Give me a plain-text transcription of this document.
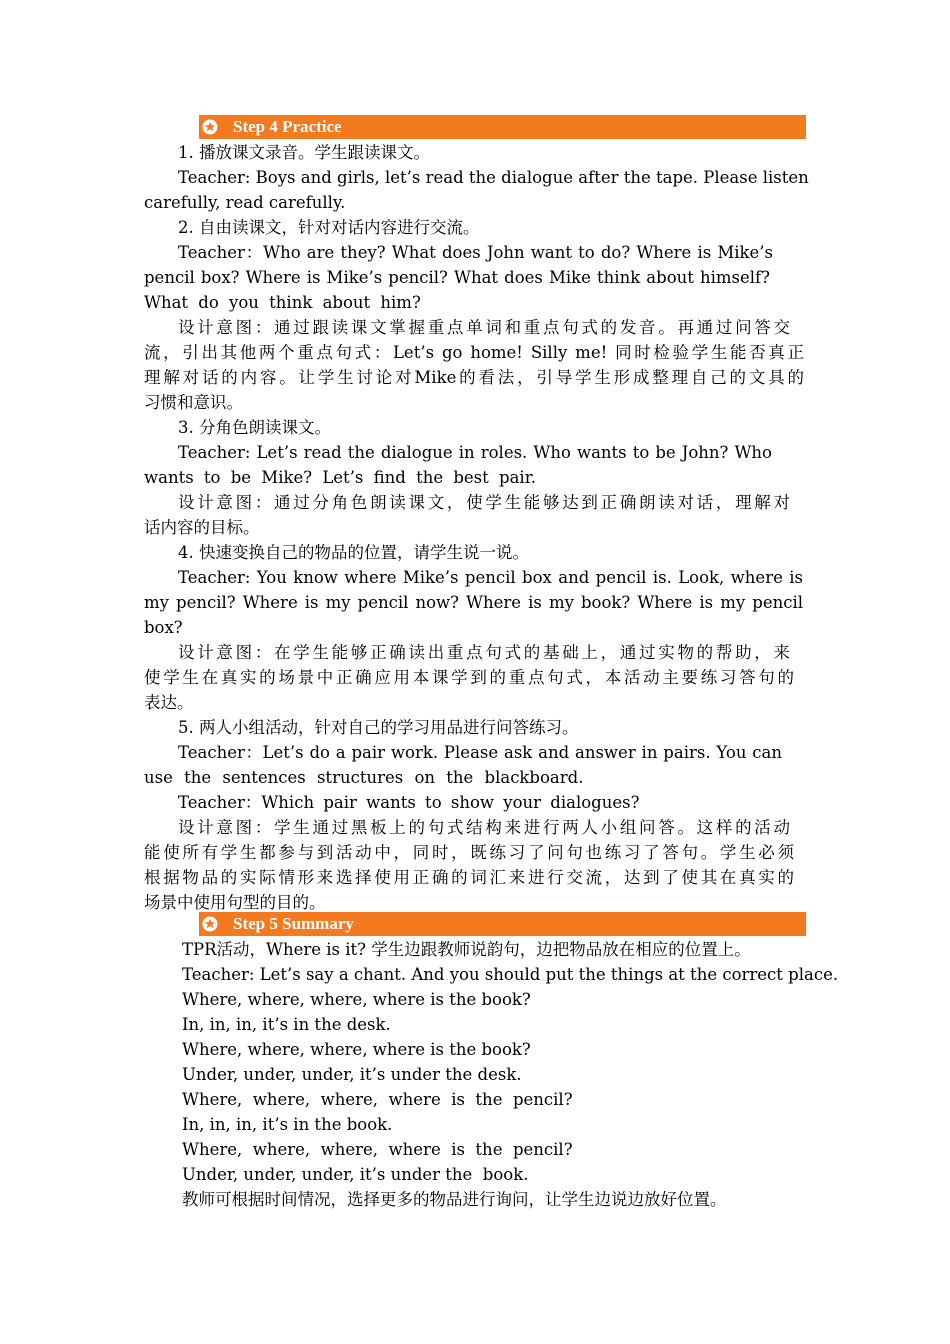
Step 4 Practice
1. 播放课文录音。学生跟读课文。
Teacher: Boys and girls, let’s read the dialogue after the tape. Please listen
carefully, read carefully.
2. 自由读课文，针对对话内容进行交流。
Teacher：Who are they? What does John want to do? Where is Mike’s
pencil box? Where is Mike’s pencil? What does Mike think about himself?
What do you think about him?
设计意图：通过跟读课文掌握重点单词和重点句式的发音。再通过问答交
流，引出其他两个重点句式：Let’s go home! Silly me! 同时检验学生能否真正
理解对话的内容。让学生讨论对Mike的看法，引导学生形成整理自己的文具的
习惯和意识。
3. 分角色朗读课文。
Teacher: Let’s read the dialogue in roles. Who wants to be John? Who
wants to be Mike? Let’s find the best pair.
设计意图：通过分角色朗读课文，使学生能够达到正确朗读对话，理解对
话内容的目标。
4. 快速变换自己的物品的位置，请学生说一说。
Teacher: You know where Mike’s pencil box and pencil is. Look, where is
my pencil? Where is my pencil now? Where is my book? Where is my pencil
box?
设计意图：在学生能够正确读出重点句式的基础上，通过实物的帮助，来
使学生在真实的场景中正确应用本课学到的重点句式，本活动主要练习答句的
表达。
5. 两人小组活动，针对自己的学习用品进行问答练习。
Teacher：Let’s do a pair work. Please ask and answer in pairs. You can
use the sentences structures on the blackboard.
Teacher：Which pair wants to show your dialogues?
设计意图：学生通过黑板上的句式结构来进行两人小组问答。这样的活动
能使所有学生都参与到活动中，同时，既练习了问句也练习了答句。学生必须
根据物品的实际情形来选择使用正确的词汇来进行交流，达到了使其在真实的
场景中使用句型的目的。
Step 5 Summary
TPR活动，Where is it? 学生边跟教师说韵句，边把物品放在相应的位置上。
Teacher: Let’s say a chant. And you should put the things at the correct place.
Where, where, where, where is the book?
In, in, in, it’s in the desk.
Where, where, where, where is the book?
Under, under, under, it’s under the desk.
Where,  where,  where,  where  is  the  pencil?
In, in, in, it’s in the book.
Where,  where,  where,  where  is  the  pencil?
Under, under, under, it’s under the  book.
教师可根据时间情况，选择更多的物品进行询问，让学生边说边放好位置。
